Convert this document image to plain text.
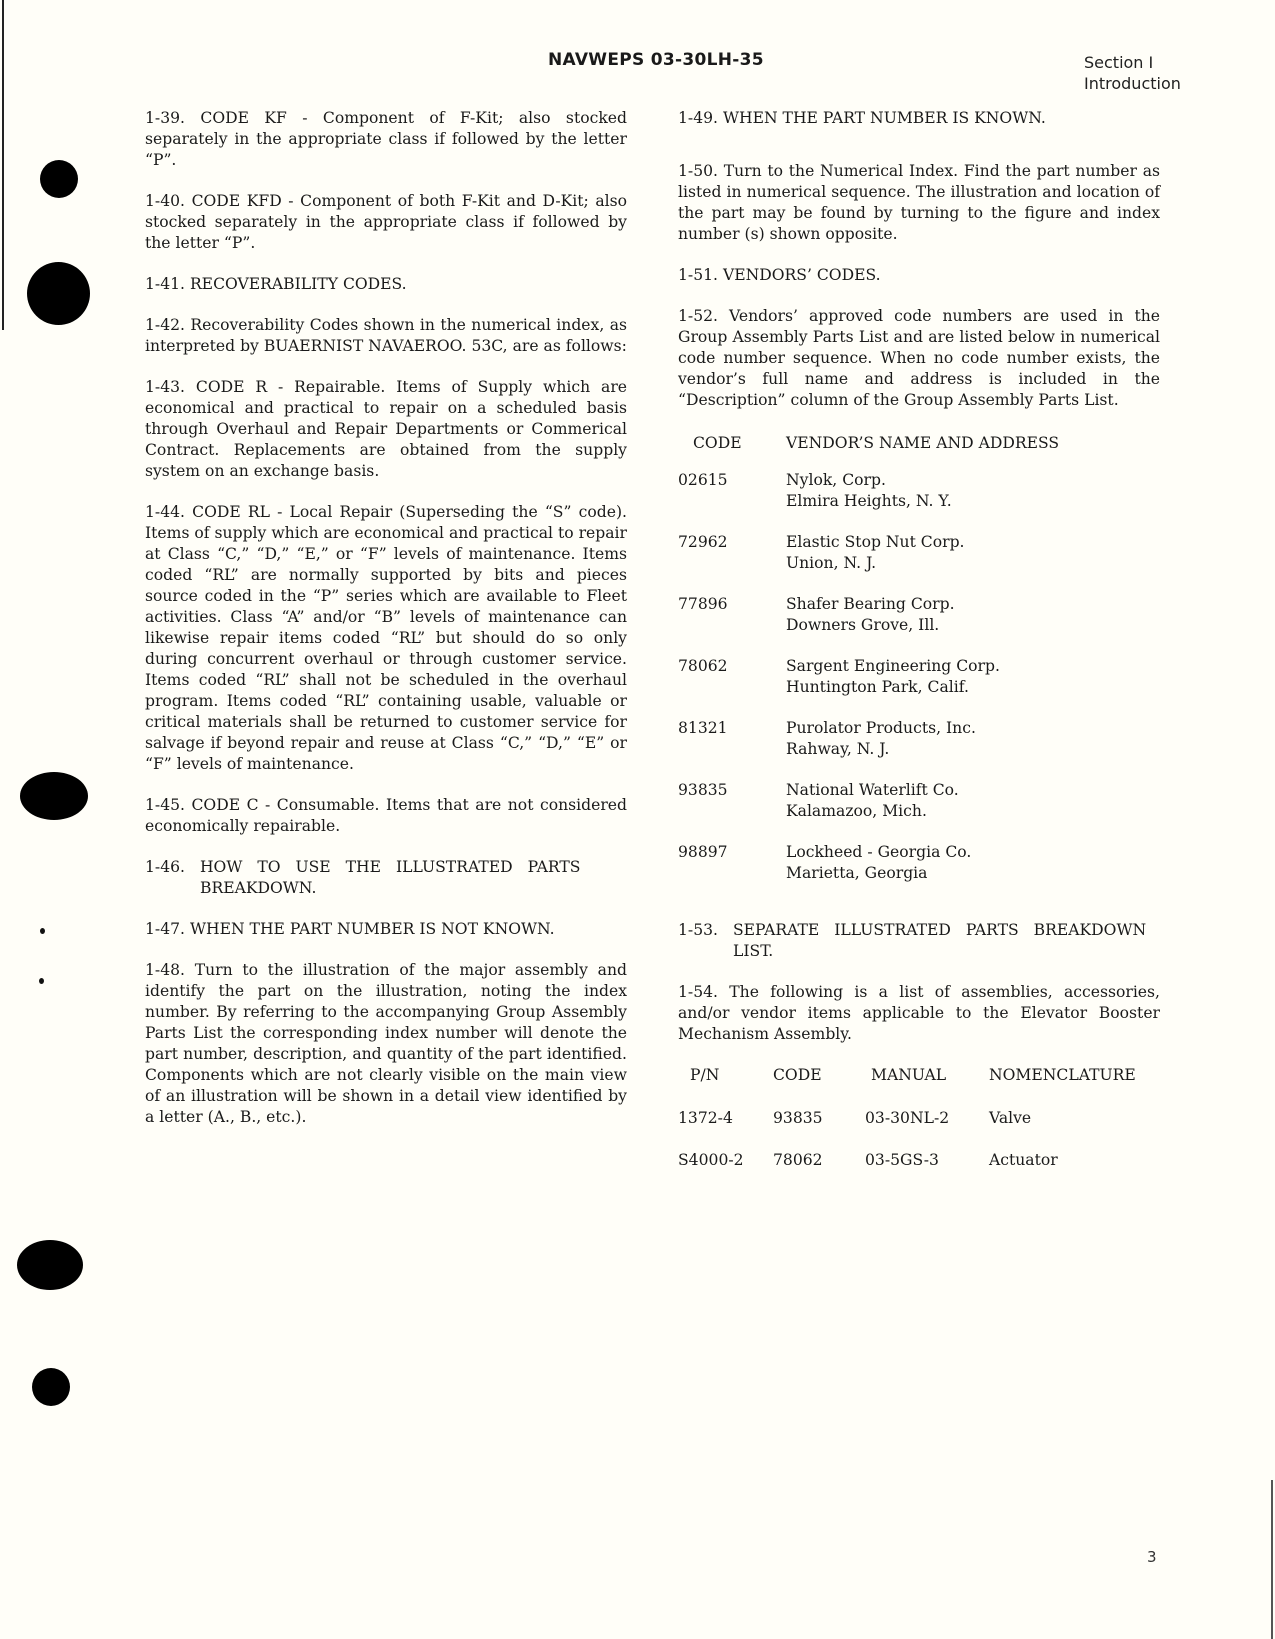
NAVWEPS 03-30LH-35	Section I
Introduction

1-39. CODE KF - Component of F-Kit; also stocked separately in the appropriate class if followed by the letter “P”.

1-40. CODE KFD - Component of both F-Kit and D-Kit; also stocked separately in the appropriate class if followed by the letter “P”.

1-41. RECOVERABILITY CODES.

1-42. Recoverability Codes shown in the numerical index, as interpreted by BUAERNIST NAVAEROO. 53C, are as follows:

1-43. CODE R - Repairable. Items of Supply which are economical and practical to repair on a scheduled basis through Overhaul and Repair Departments or Commerical Contract. Replacements are obtained from the supply system on an exchange basis.

1-44. CODE RL - Local Repair (Superseding the “S” code). Items of supply which are economical and practical to repair at Class “C,” “D,” “E,” or “F” levels of maintenance. Items coded “RL” are normally supported by bits and pieces source coded in the “P” series which are available to Fleet activities. Class “A” and/or “B” levels of maintenance can likewise repair items coded “RL” but should do so only during concurrent overhaul or through customer service. Items coded “RL” shall not be scheduled in the overhaul program. Items coded “RL” containing usable, valuable or critical materials shall be returned to customer service for salvage if beyond repair and reuse at Class “C,” “D,” “E” or “F” levels of maintenance.

1-45. CODE C - Consumable. Items that are not considered economically repairable.

1-46. HOW TO USE THE ILLUSTRATED PARTS BREAKDOWN.

1-47. WHEN THE PART NUMBER IS NOT KNOWN.

1-48. Turn to the illustration of the major assembly and identify the part on the illustration, noting the index number. By referring to the accompanying Group Assembly Parts List the corresponding index number will denote the part number, description, and quantity of the part identified. Components which are not clearly visible on the main view of an illustration will be shown in a detail view identified by a letter (A., B., etc.).

1-49. WHEN THE PART NUMBER IS KNOWN.

1-50. Turn to the Numerical Index. Find the part number as listed in numerical sequence. The illustration and location of the part may be found by turning to the figure and index number (s) shown opposite.

1-51. VENDORS’ CODES.

1-52. Vendors’ approved code numbers are used in the Group Assembly Parts List and are listed below in numerical code number sequence. When no code number exists, the vendor’s full name and address is included in the “Description” column of the Group Assembly Parts List.

CODE	VENDOR’S NAME AND ADDRESS
02615	Nylok, Corp.
Elmira Heights, N. Y.

72962	Elastic Stop Nut Corp.
Union, N. J.

77896	Shafer Bearing Corp.
Downers Grove, Ill.

78062	Sargent Engineering Corp.
Huntington Park, Calif.

81321	Purolator Products, Inc.
Rahway, N. J.

93835	National Waterlift Co.
Kalamazoo, Mich.

98897	Lockheed - Georgia Co.
Marietta, Georgia

1-53. SEPARATE ILLUSTRATED PARTS BREAKDOWN LIST.

1-54. The following is a list of assemblies, accessories, and/or vendor items applicable to the Elevator Booster Mechanism Assembly.

P/N	CODE	MANUAL	NOMENCLATURE
1372-4	93835	03-30NL-2	Valve
S4000-2	78062	03-5GS-3	Actuator
3
